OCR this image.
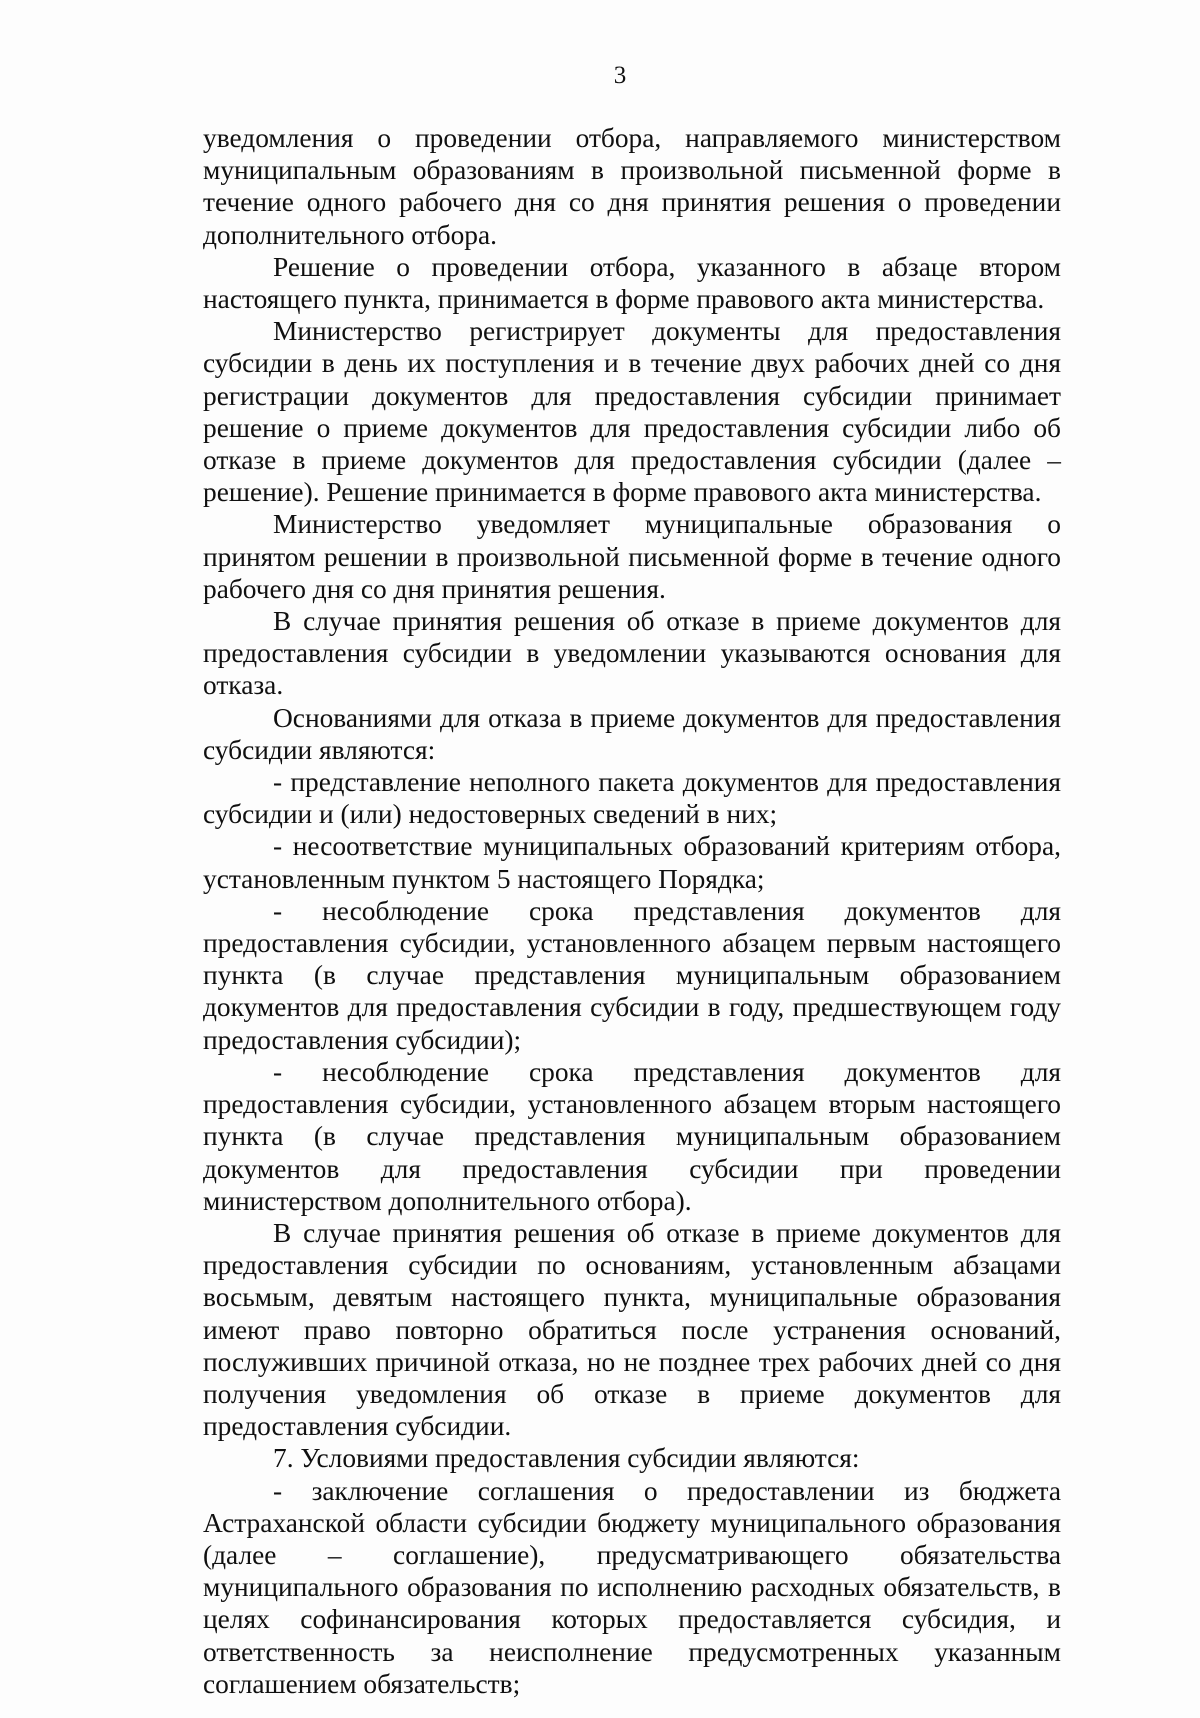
3

уведомления о проведении отбора, направляемого министерством муниципальным образованиям в произвольной письменной форме в течение одного рабочего дня со дня принятия решения о проведении дополнительного отбора.

Решение о проведении отбора, указанного в абзаце втором настоящего пункта, принимается в форме правового акта министерства.

Министерство регистрирует документы для предоставления субсидии в день их поступления и в течение двух рабочих дней со дня регистрации документов для предоставления субсидии принимает решение о приеме документов для предоставления субсидии либо об отказе в приеме документов для предоставления субсидии (далее – решение). Решение принимается в форме правового акта министерства.

Министерство уведомляет муниципальные образования о принятом решении в произвольной письменной форме в течение одного рабочего дня со дня принятия решения.

В случае принятия решения об отказе в приеме документов для предоставления субсидии в уведомлении указываются основания для отказа.

Основаниями для отказа в приеме документов для предоставления субсидии являются:

- представление неполного пакета документов для предоставления субсидии и (или) недостоверных сведений в них;

- несоответствие муниципальных образований критериям отбора, установленным пунктом 5 настоящего Порядка;

- несоблюдение срока представления документов для предоставления субсидии, установленного абзацем первым настоящего пункта (в случае представления муниципальным образованием документов для предоставления субсидии в году, предшествующем году предоставления субсидии);

- несоблюдение срока представления документов для предоставления субсидии, установленного абзацем вторым настоящего пункта (в случае представления муниципальным образованием документов для предоставления субсидии при проведении министерством дополнительного отбора).

В случае принятия решения об отказе в приеме документов для предоставления субсидии по основаниям, установленным абзацами восьмым, девятым настоящего пункта, муниципальные образования имеют право повторно обратиться после устранения оснований, послуживших причиной отказа, но не позднее трех рабочих дней со дня получения уведомления об отказе в приеме документов для предоставления субсидии.

7. Условиями предоставления субсидии являются:

- заключение соглашения о предоставлении из бюджета Астраханской области субсидии бюджету муниципального образования (далее – соглашение), предусматривающего обязательства муниципального образования по исполнению расходных обязательств, в целях софинансирования которых предоставляется субсидия, и ответственность за неисполнение предусмотренных указанным соглашением обязательств;
